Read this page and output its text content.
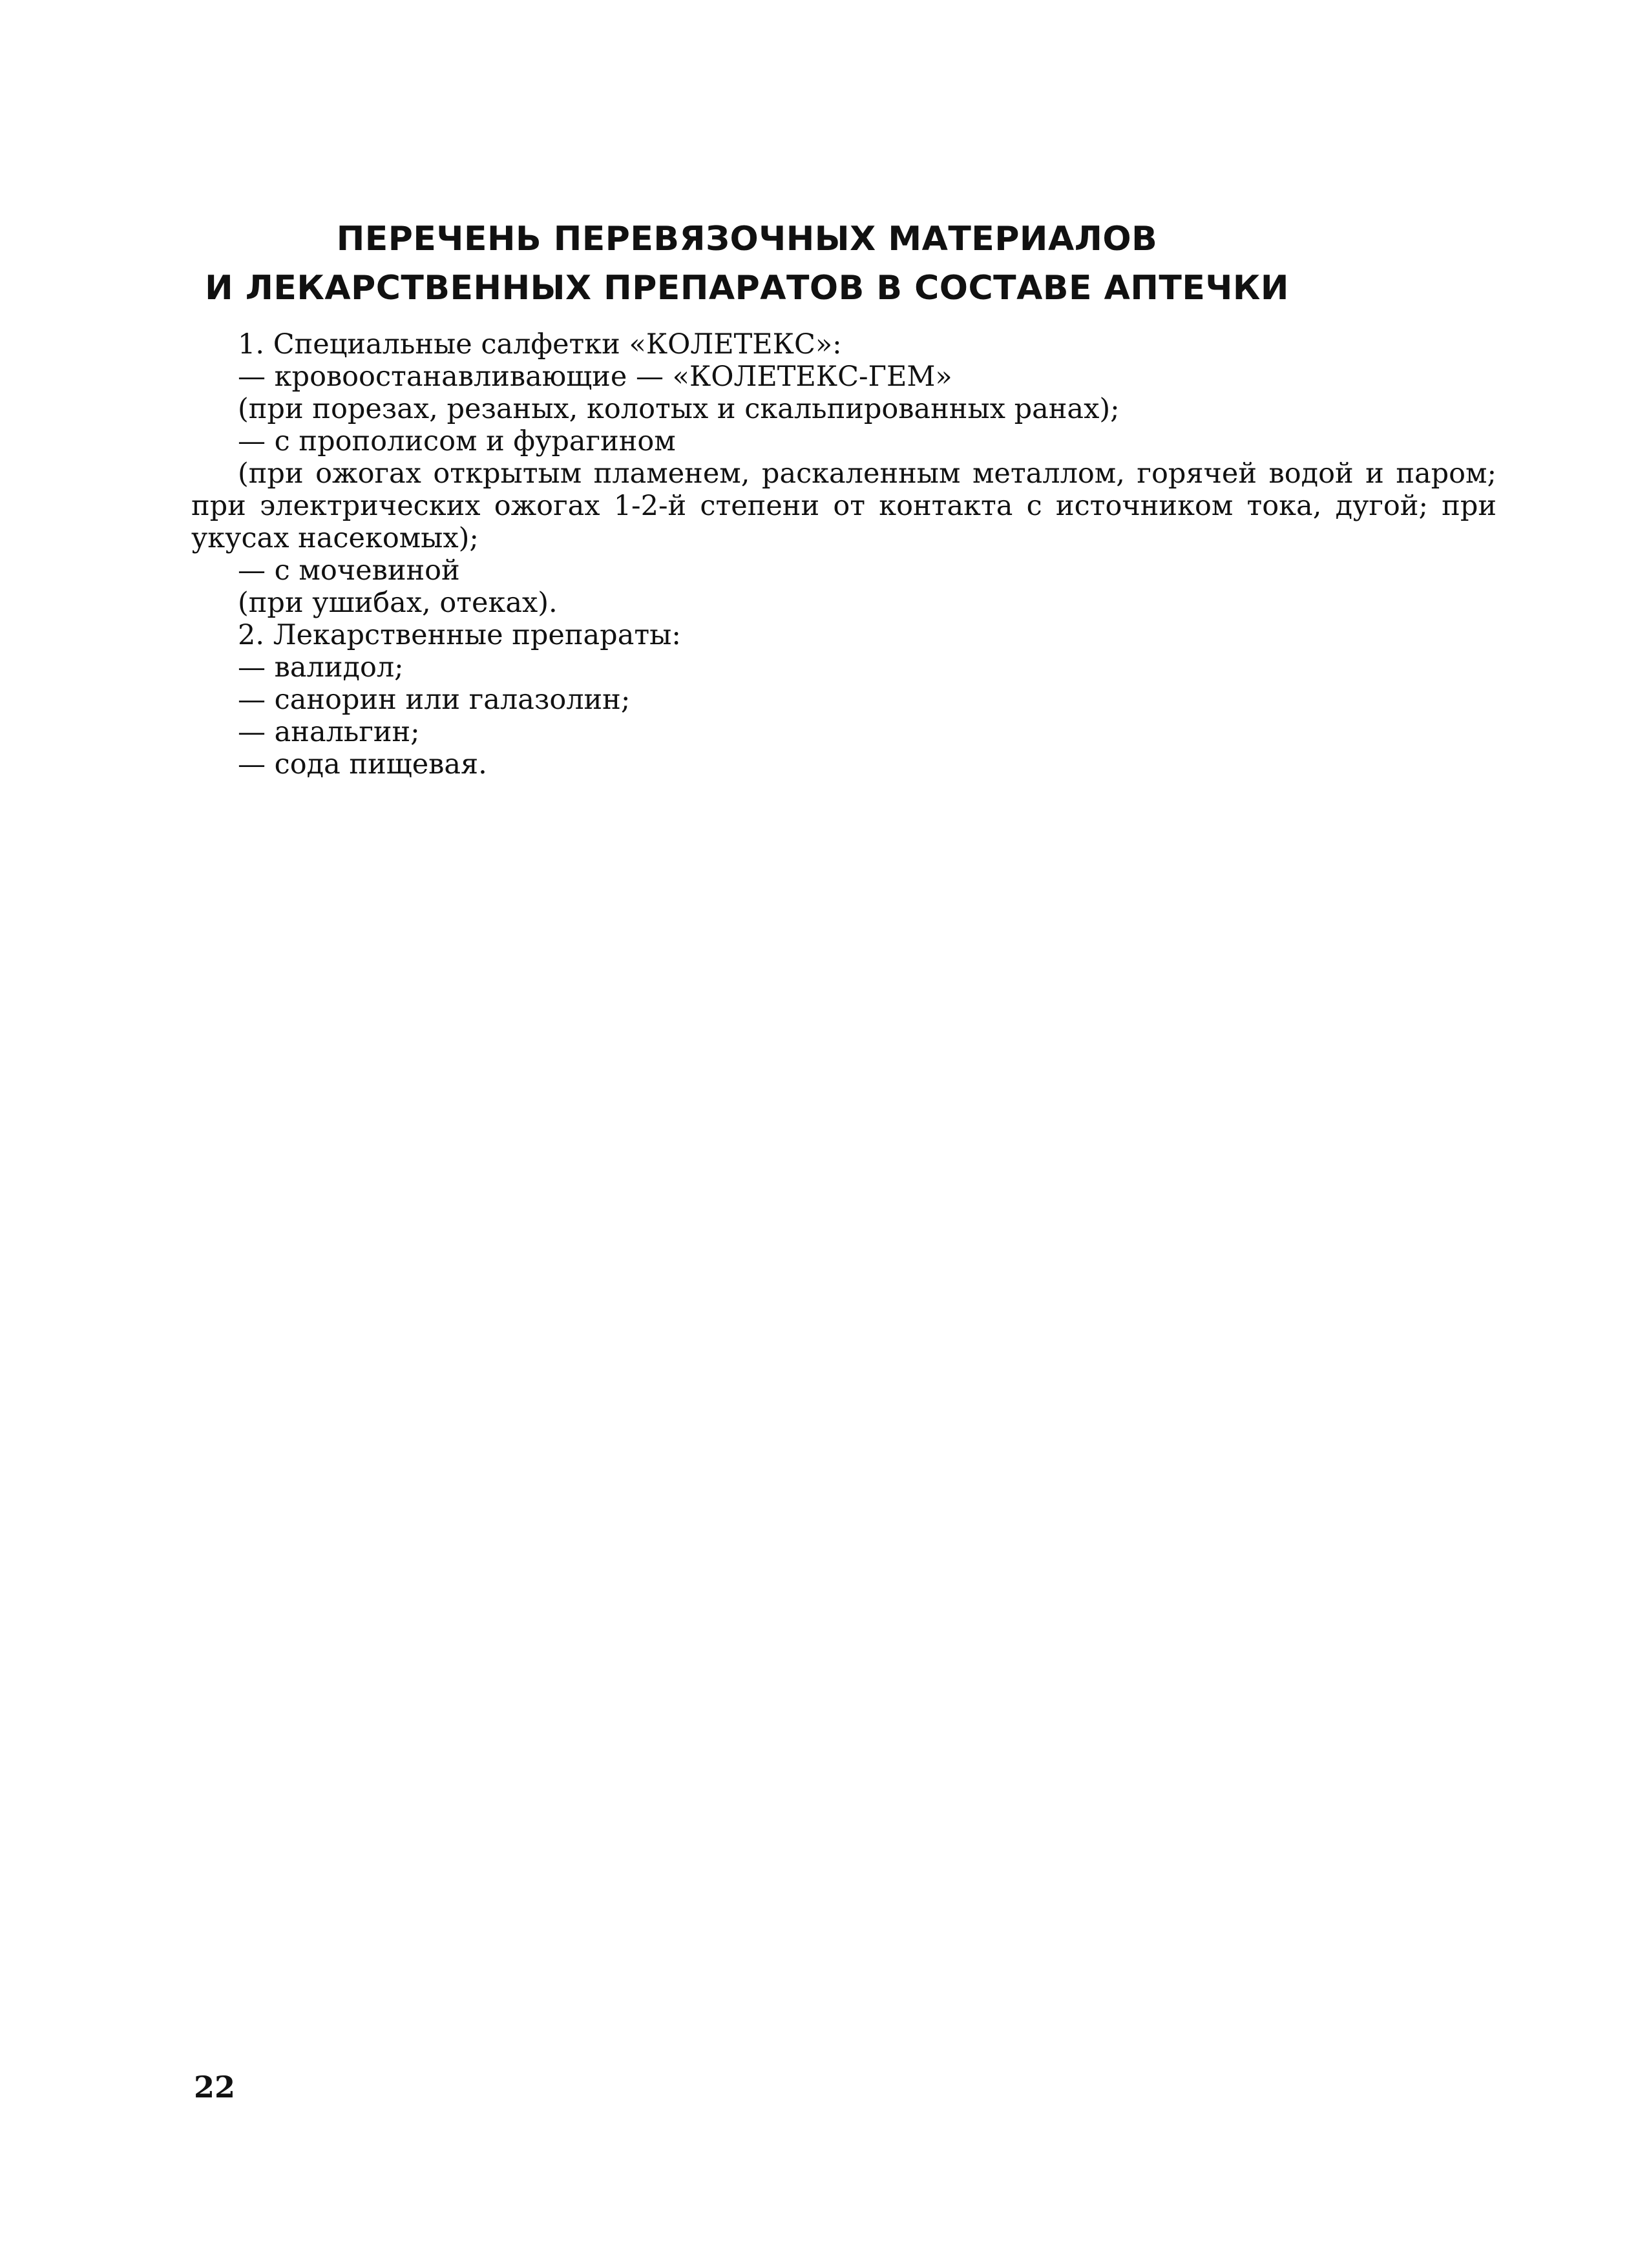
ПЕРЕЧЕНЬ ПЕРЕВЯЗОЧНЫХ МАТЕРИАЛОВ
И ЛЕКАРСТВЕННЫХ ПРЕПАРАТОВ В СОСТАВЕ АПТЕЧКИ

1. Специальные салфетки «КОЛЕТЕКС»:

— кровоостанавливающие — «КОЛЕТЕКС-ГЕМ»

(при порезах, резаных, колотых и скальпированных ранах);

— с прополисом и фурагином

(при ожогах открытым пламенем, раскаленным металлом, горячей водой и паром; при электрических ожогах 1-2-й степени от контакта с источником тока, дугой; при укусах насекомых);

— с мочевиной

(при ушибах, отеках).

2. Лекарственные препараты:

— валидол;

— санорин или галазолин;

— анальгин;

— сода пищевая.

22
